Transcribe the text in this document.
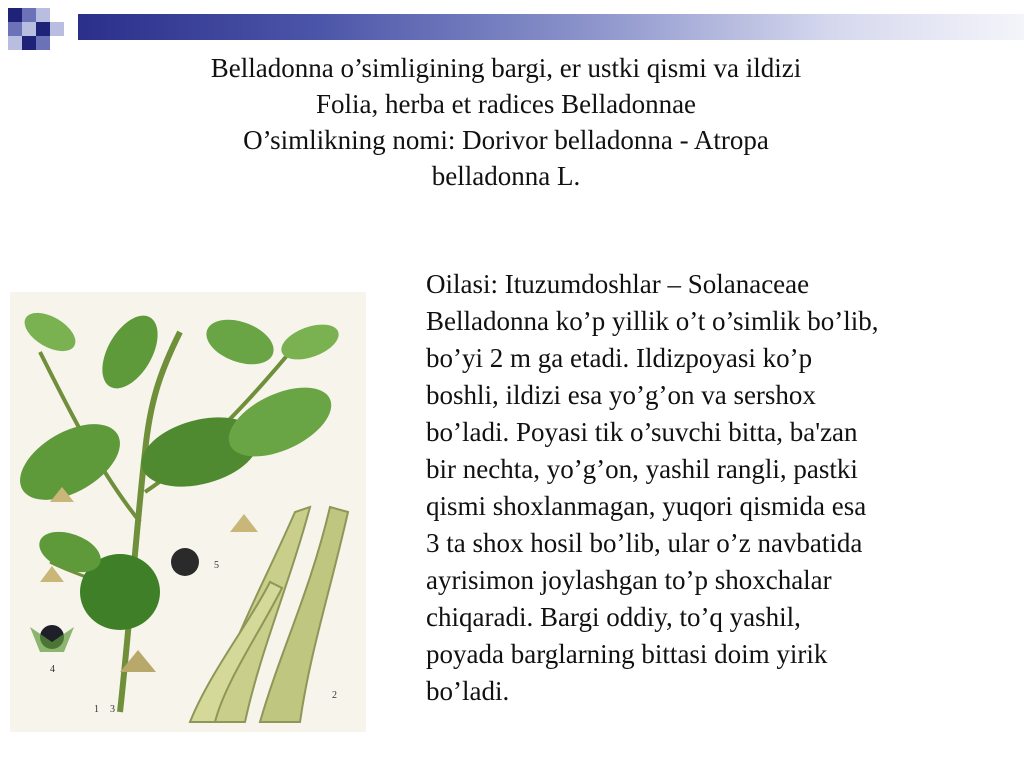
Belladonna o’simligining bargi, er ustki qismi va ildizi
Folia, herba et radices Belladonnae
O’simlikning nomi: Dorivor belladonna - Atropa
belladonna L.
1
2
3
4
5
Oilasi: Ituzumdoshlar – Solanaceae
Belladonna ko’p yillik o’t o’simlik bo’lib,
bo’yi 2 m ga etadi. Ildizpoyasi ko’p
boshli, ildizi esa yo’g’on va sershox
bo’ladi. Poyasi tik o’suvchi bitta, ba'zan
bir nechta, yo’g’on, yashil rangli, pastki
qismi shoxlanmagan, yuqori qismida esa
3 ta shox hosil bo’lib, ular o’z navbatida
ayrisimon joylashgan to’p shoxchalar
chiqaradi. Bargi oddiy, to’q yashil,
poyada barglarning bittasi doim yirik
bo’ladi.
